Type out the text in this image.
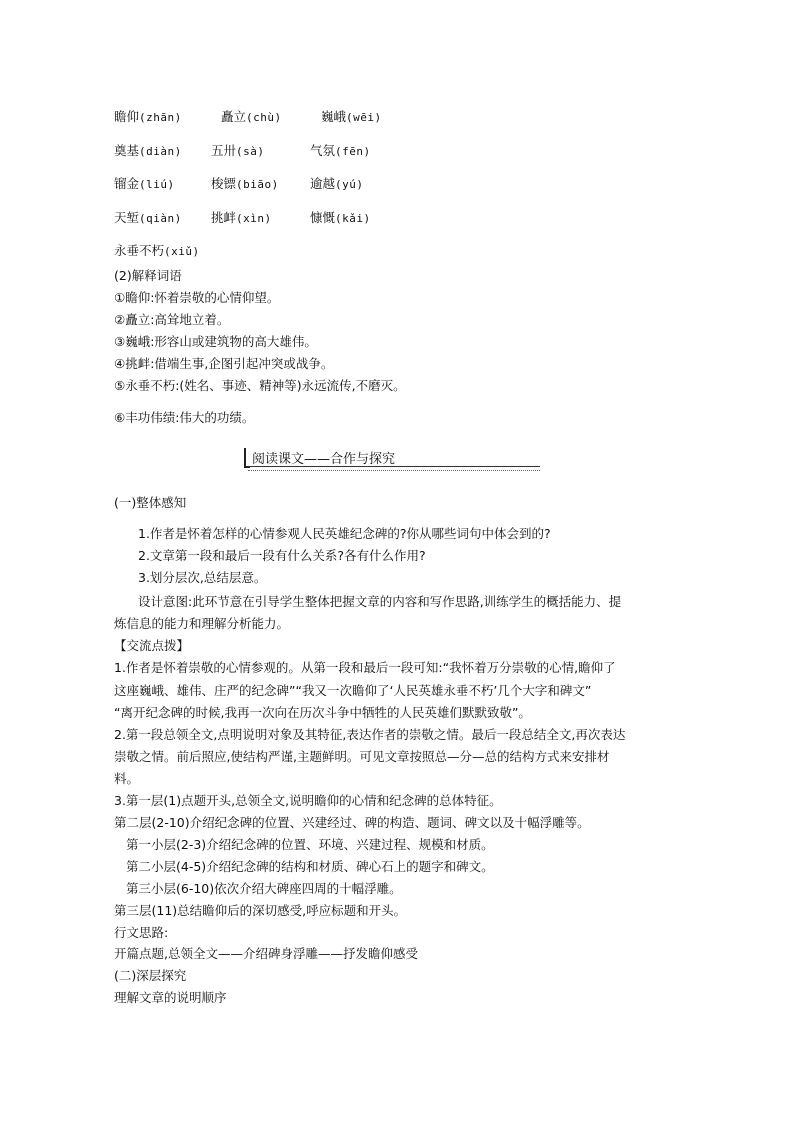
瞻仰(zhān)	矗立(chù)	巍峨(wēi)
奠基(diàn) 五卅(sà)	气氛(fēn)
镏金(liú)	梭镖(biāo) 逾越(yú)
天堑(qiàn) 挑衅(xìn)	慷慨(kǎi)
永垂不朽(xiǔ)
(2)解释词语
①瞻仰:怀着崇敬的心情仰望。
②矗立:高耸地立着。
③巍峨:形容山或建筑物的高大雄伟。
④挑衅:借端生事,企图引起冲突或战争。
⑤永垂不朽:(姓名、事迹、精神等)永远流传,不磨灭。
⑥丰功伟绩:伟大的功绩。
阅读课文——合作与探究
(一)整体感知
1.作者是怀着怎样的心情参观人民英雄纪念碑的?你从哪些词句中体会到的?
2.文章第一段和最后一段有什么关系?各有什么作用?
3.划分层次,总结层意。
设计意图:此环节意在引导学生整体把握文章的内容和写作思路,训练学生的概括能力、提
炼信息的能力和理解分析能力。
【交流点拨】
1.作者是怀着崇敬的心情参观的。从第一段和最后一段可知:“我怀着万分崇敬的心情,瞻仰了
这座巍峨、雄伟、庄严的纪念碑”“我又一次瞻仰了‘人民英雄永垂不朽’几个大字和碑文”
“离开纪念碑的时候,我再一次向在历次斗争中牺牲的人民英雄们默默致敬”。
2.第一段总领全文,点明说明对象及其特征,表达作者的崇敬之情。最后一段总结全文,再次表达
崇敬之情。前后照应,使结构严谨,主题鲜明。可见文章按照总—分—总的结构方式来安排材
料。
3.第一层(1)点题开头,总领全文,说明瞻仰的心情和纪念碑的总体特征。
第二层(2-10)介绍纪念碑的位置、兴建经过、碑的构造、题词、碑文以及十幅浮雕等。
第一小层(2-3)介绍纪念碑的位置、环境、兴建过程、规模和材质。
第二小层(4-5)介绍纪念碑的结构和材质、碑心石上的题字和碑文。
第三小层(6-10)依次介绍大碑座四周的十幅浮雕。
第三层(11)总结瞻仰后的深切感受,呼应标题和开头。
行文思路:
开篇点题,总领全文——介绍碑身浮雕——抒发瞻仰感受
(二)深层探究
理解文章的说明顺序
